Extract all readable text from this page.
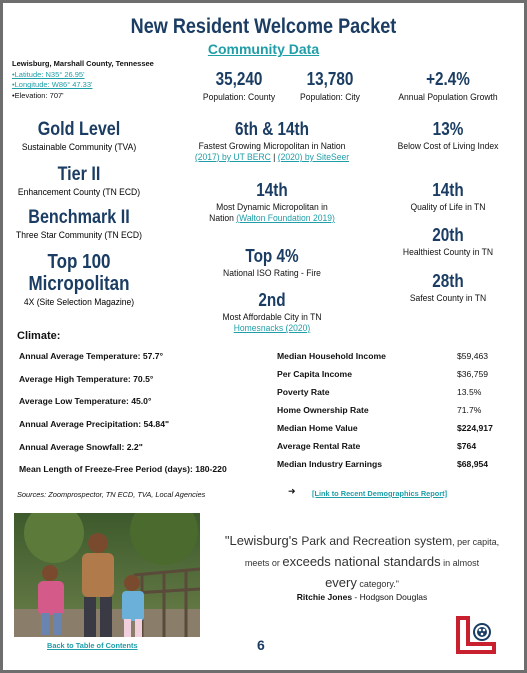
New Resident Welcome Packet
Community Data
Lewisburg, Marshall County, Tennessee
•Latitude: N35° 26.95'
•Longitude: W86° 47.33'
•Elevation: 707'
Gold Level
Sustainable Community (TVA)
Tier II
Enhancement County (TN ECD)
Benchmark II
Three Star Community (TN ECD)
Top 100
Micropolitan
4X (Site Selection Magazine)
35,240
Population: County
13,780
Population: City
6th & 14th
Fastest Growing Micropolitan in Nation
(2017) by UT BERC | (2020) by SiteSeer
14th
Most Dynamic Micropolitan in
Nation (Walton Foundation 2019)
Top 4%
National ISO Rating - Fire
2nd
Most Affordable City in TN
Homesnacks (2020)
+2.4%
Annual Population Growth
13%
Below Cost of Living Index
14th
Quality of Life in TN
20th
Healthiest County in TN
28th
Safest County in TN
Climate:
Annual Average Temperature: 57.7°
Average High Temperature: 70.5°
Average Low Temperature: 45.0°
Annual Average Precipitation: 54.84"
Annual Average Snowfall: 2.2"
Mean Length of Freeze-Free Period (days): 180-220
Median Household Income	$59,463
Per Capita Income	$36,759
Poverty Rate	13.5%
Home Ownership Rate	71.7%
Median Home Value	$224,917
Average Rental Rate	$764
Median Industry Earnings	$68,954
Sources: Zoomprospector, TN ECD, TVA, Local Agencies	➜ [Link to Recent Demographics Report]
"Lewisburg's Park and Recreation system, per capita,
meets or exceeds national standards in almost
every category."
Ritchie Jones - Hodgson Douglas
Back to Table of Contents	6
